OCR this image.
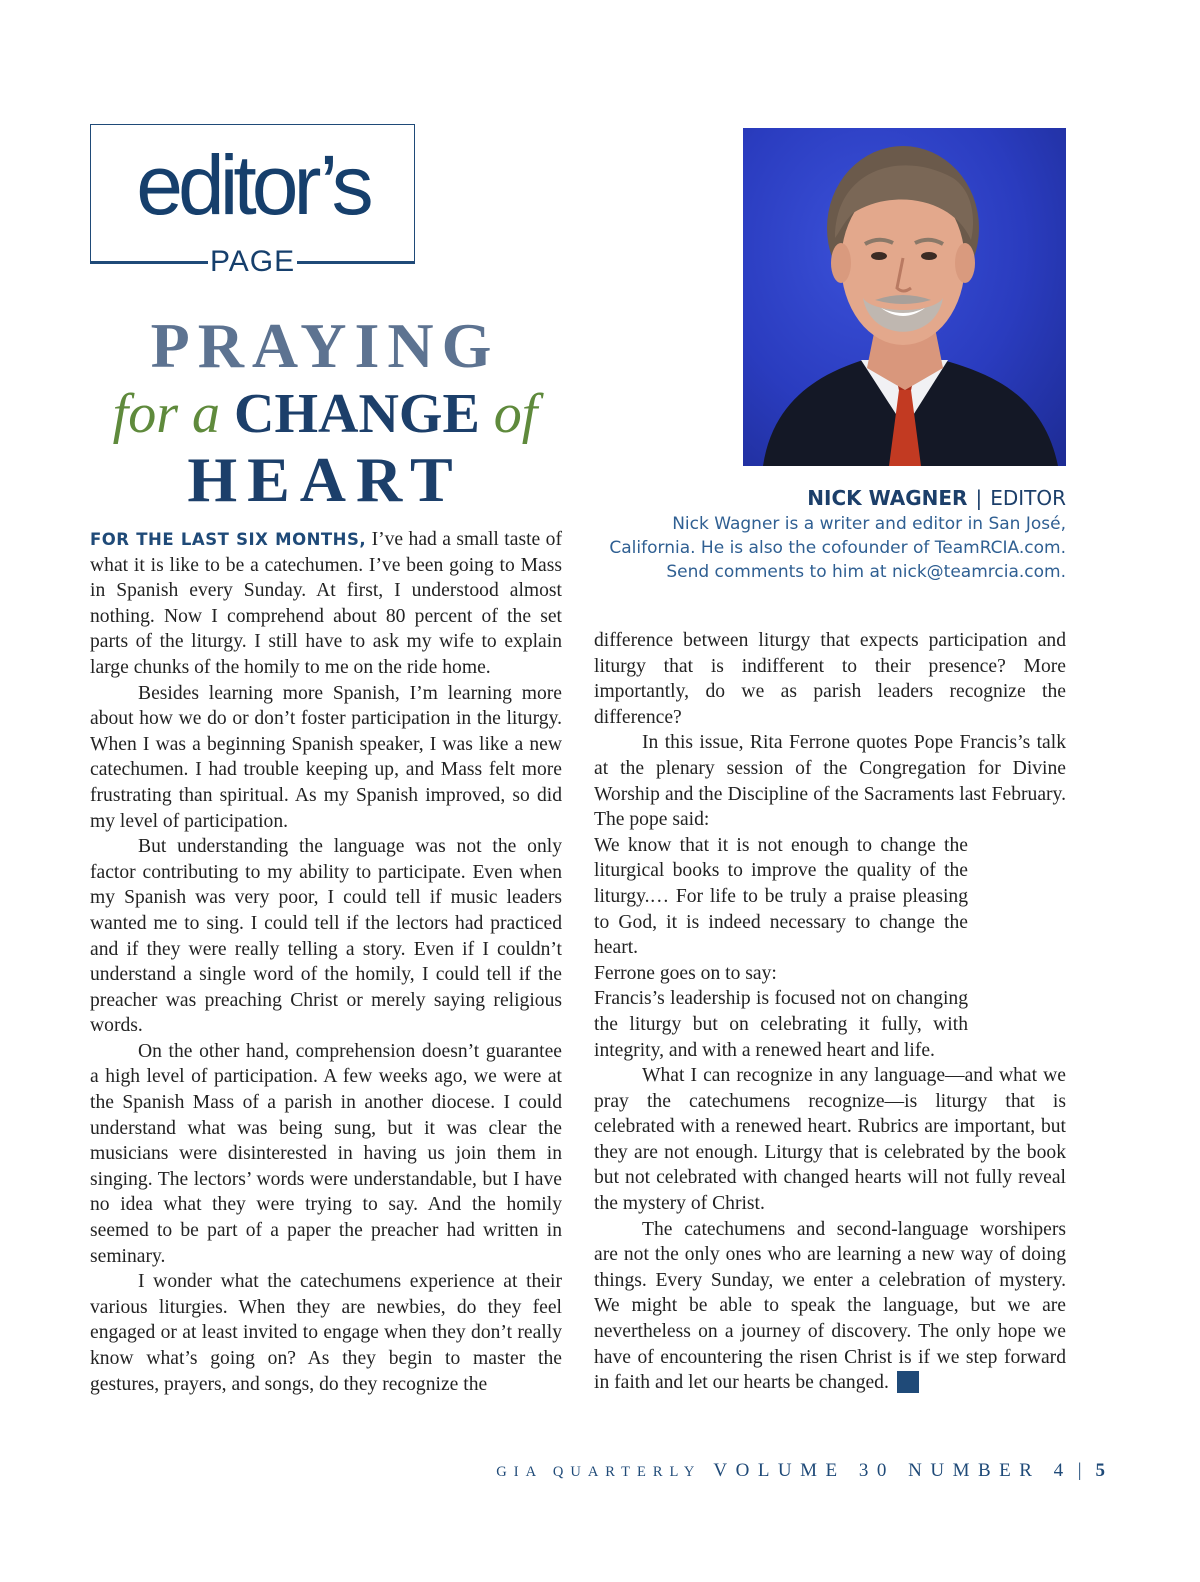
editor’s
PAGE
PRAYING
for a CHANGE of
HEART	NICK WAGNER | EDITOR
Nick Wagner is a writer and editor in San José, California. He is also the cofounder of TeamRCIA.com. Send comments to him at nick@teamrcia.com.

FOR THE LAST SIX MONTHS, I’ve had a small taste of what it is like to be a catechumen. I’ve been going to Mass in Spanish every Sunday. At first, I understood almost nothing. Now I comprehend about 80 percent of the set parts of the liturgy. I still have to ask my wife to explain large chunks of the homily to me on the ride home.

Besides learning more Spanish, I’m learning more about how we do or don’t foster participation in the liturgy. When I was a beginning Spanish speaker, I was like a new catechumen. I had trouble keeping up, and Mass felt more frustrating than spiritual. As my Spanish improved, so did my level of participation.

But understanding the language was not the only factor contributing to my ability to participate. Even when my Spanish was very poor, I could tell if music leaders wanted me to sing. I could tell if the lectors had practiced and if they were really telling a story. Even if I couldn’t understand a single word of the homily, I could tell if the preacher was preaching Christ or merely saying religious words.

On the other hand, comprehension doesn’t guarantee a high level of participation. A few weeks ago, we were at the Spanish Mass of a parish in another diocese. I could understand what was being sung, but it was clear the musicians were disinterested in having us join them in singing. The lectors’ words were understandable, but I have no idea what they were trying to say. And the homily seemed to be part of a paper the preacher had written in seminary.

I wonder what the catechumens experience at their various liturgies. When they are newbies, do they feel engaged or at least invited to engage when they don’t really know what’s going on? As they begin to master the gestures, prayers, and songs, do they recognize the

difference between liturgy that expects participation and liturgy that is indifferent to their presence? More importantly, do we as parish leaders recognize the difference?

In this issue, Rita Ferrone quotes Pope Francis’s talk at the plenary session of the Congregation for Divine Worship and the Discipline of the Sacraments last February. The pope said:

We know that it is not enough to change the liturgical books to improve the quality of the liturgy.… For life to be truly a praise pleasing to God, it is indeed necessary to change the heart.

Ferrone goes on to say:

Francis’s leadership is focused not on changing the liturgy but on celebrating it fully, with integrity, and with a renewed heart and life.

What I can recognize in any language—and what we pray the catechumens recognize—is liturgy that is celebrated with a renewed heart. Rubrics are important, but they are not enough. Liturgy that is celebrated by the book but not celebrated with changed hearts will not fully reveal the mystery of Christ.

The catechumens and second-language worshipers are not the only ones who are learning a new way of doing things. Every Sunday, we enter a celebration of mystery. We might be able to speak the language, but we are nevertheless on a journey of discovery. The only hope we have of encountering the risen Christ is if we step forward in faith and let our hearts be changed.

GIA QUARTERLY VOLUME 30 NUMBER 4 | 5
